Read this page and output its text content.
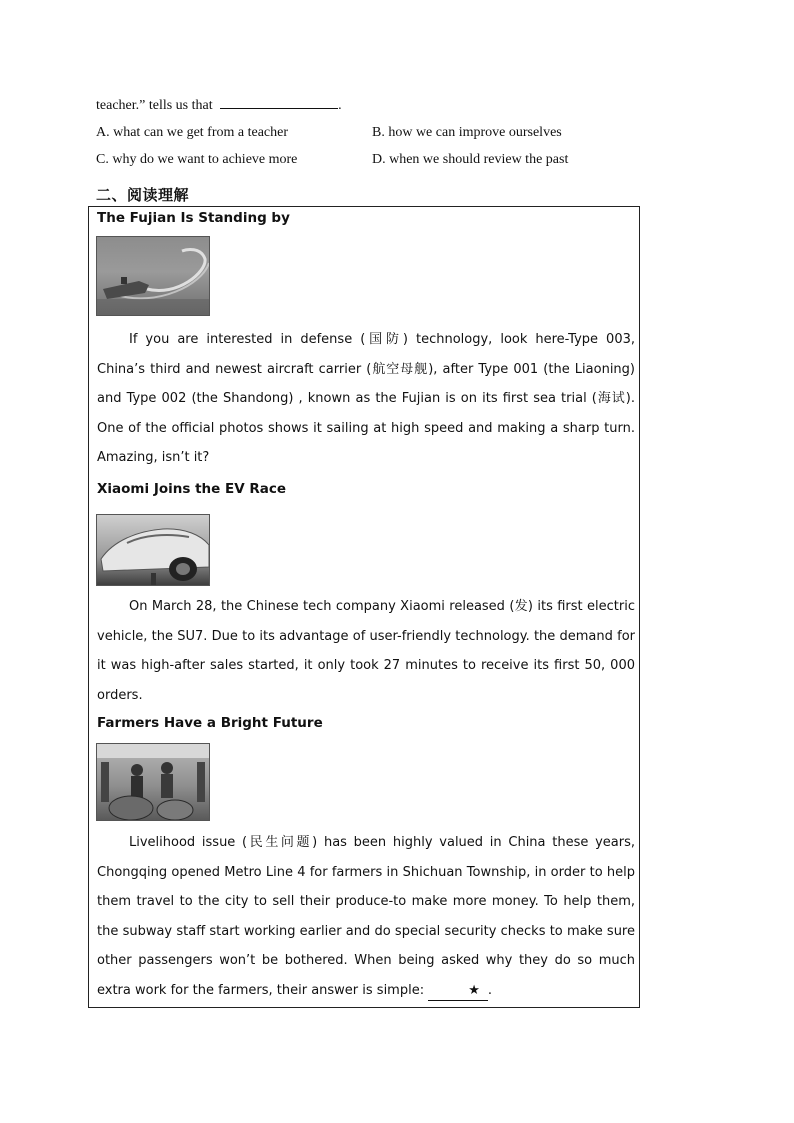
teacher.” tells us that	.
A. what can we get from a teacher	B. how we can improve ourselves
C. why do we want to achieve more	D. when we should review the past
二、阅读理解
The Fujian Is Standing by

If you are interested in defense (国防) technology, look here-Type 003, China’s third and newest aircraft carrier (航空母舰), after Type 001 (the Liaoning) and Type 002 (the Shandong) , known as the Fujian is on its first sea trial (海试). One of the official photos shows it sailing at high speed and making a sharp turn. Amazing, isn’t it?

Xiaomi Joins the EV Race

On March 28, the Chinese tech company Xiaomi released (发) its first electric vehicle, the SU7. Due to its advantage of user-friendly technology. the demand for it was high-after sales started, it only took 27 minutes to receive its first 50, 000 orders.

Farmers Have a Bright Future

Livelihood issue (民生问题) has been highly valued in China these years, Chongqing opened Metro Line 4 for farmers in Shichuan Township, in order to help them travel to the city to sell their produce-to make more money. To help them, the subway staff start working earlier and do special security checks to make sure other passengers won’t be bothered. When being asked why they do so much extra work for the farmers, their answer is simple:	★ .
